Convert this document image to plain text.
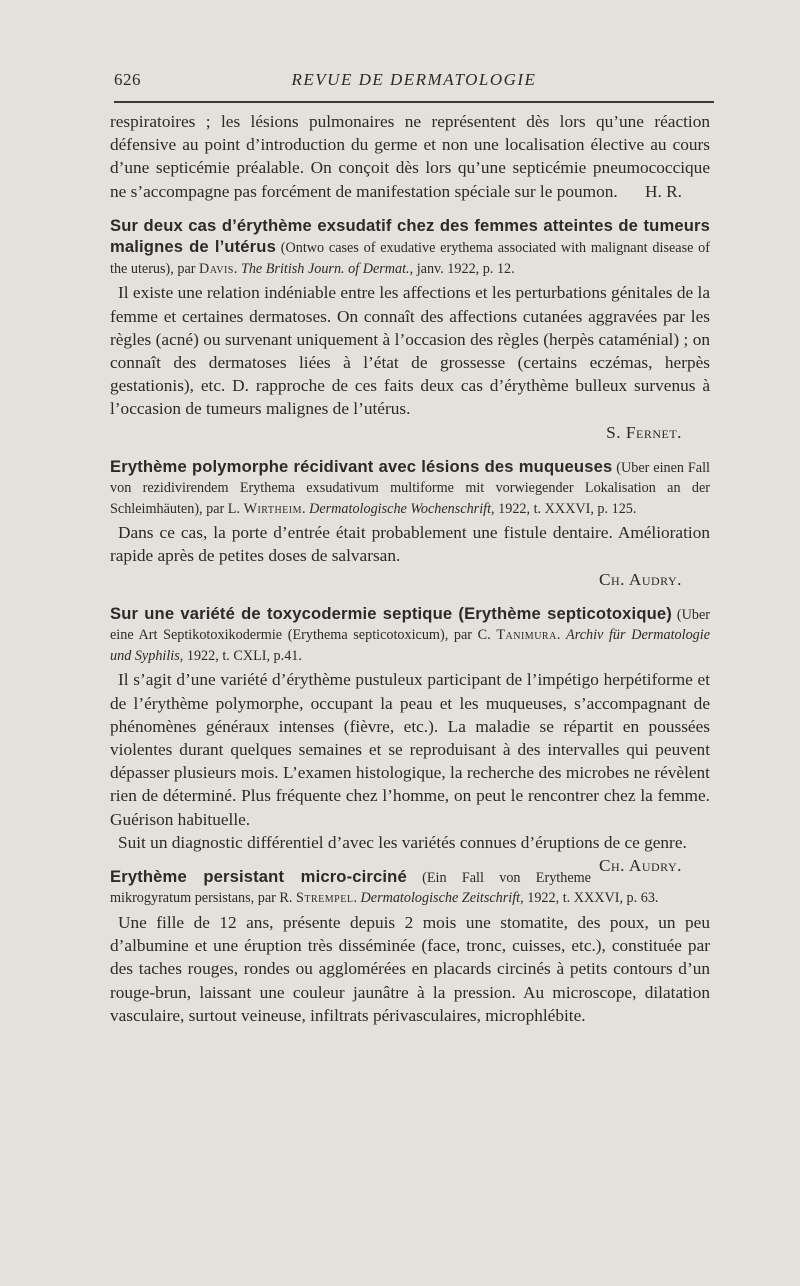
626	REVUE DE DERMATOLOGIE

respiratoires ; les lésions pulmonaires ne représentent dès lors qu’une réaction défensive au point d’introduction du germe et non une localisation élective au cours d’une septicémie préalable. On conçoit dès lors qu’une septicémie pneumococcique ne s’accompagne pas forcément de manifestation spéciale sur le poumon. H. R.

Sur deux cas d’érythème exsudatif chez des femmes atteintes de tumeurs malignes de l’utérus (Ontwo cases of exudative erythema associated with malignant disease of the uterus), par Davis. The British Journ. of Dermat., janv. 1922, p. 12.

Il existe une relation indéniable entre les affections et les perturbations génitales de la femme et certaines dermatoses. On connaît des affections cutanées aggravées par les règles (acné) ou survenant uniquement à l’occasion des règles (herpès cataménial) ; on connaît des dermatoses liées à l’état de grossesse (certains eczémas, herpès gestationis), etc. D. rapproche de ces faits deux cas d’érythème bulleux survenus à l’occasion de tumeurs malignes de l’utérus.

S. Fernet.

Erythème polymorphe récidivant avec lésions des muqueuses (Uber einen Fall von rezidivirendem Erythema exsudativum multiforme mit vorwiegender Lokalisation an der Schleimhäuten), par L. Wirtheim. Dermatologische Wochenschrift, 1922, t. XXXVI, p. 125.

Dans ce cas, la porte d’entrée était probablement une fistule dentaire. Amélioration rapide après de petites doses de salvarsan.

Ch. Audry.

Sur une variété de toxycodermie septique (Erythème septicotoxique) (Uber eine Art Septikotoxikodermie (Erythema septicotoxicum), par C. Tanimura. Archiv für Dermatologie und Syphilis, 1922, t. CXLI, p.41.

Il s’agit d’une variété d’érythème pustuleux participant de l’impétigo herpétiforme et de l’érythème polymorphe, occupant la peau et les muqueuses, s’accompagnant de phénomènes généraux intenses (fièvre, etc.). La maladie se répartit en poussées violentes durant quelques semaines et se reproduisant à des intervalles qui peuvent dépasser plusieurs mois. L’examen histologique, la recherche des microbes ne révèlent rien de déterminé. Plus fréquente chez l’homme, on peut le rencontrer chez la femme. Guérison habituelle.

Suit un diagnostic différentiel d’avec les variétés connues d’éruptions de ce genre.
Ch. Audry.

Erythème persistant micro-circiné (Ein Fall von Erytheme mikrogyratum persistans, par R. Strempel. Dermatologische Zeitschrift, 1922, t. XXXVI, p. 63.

Une fille de 12 ans, présente depuis 2 mois une stomatite, des poux, un peu d’albumine et une éruption très disséminée (face, tronc, cuisses, etc.), constituée par des taches rouges, rondes ou agglomérées en placards circinés à petits contours d’un rouge-brun, laissant une couleur jaunâtre à la pression. Au microscope, dilatation vasculaire, surtout veineuse, infiltrats périvasculaires, microphlébite.
